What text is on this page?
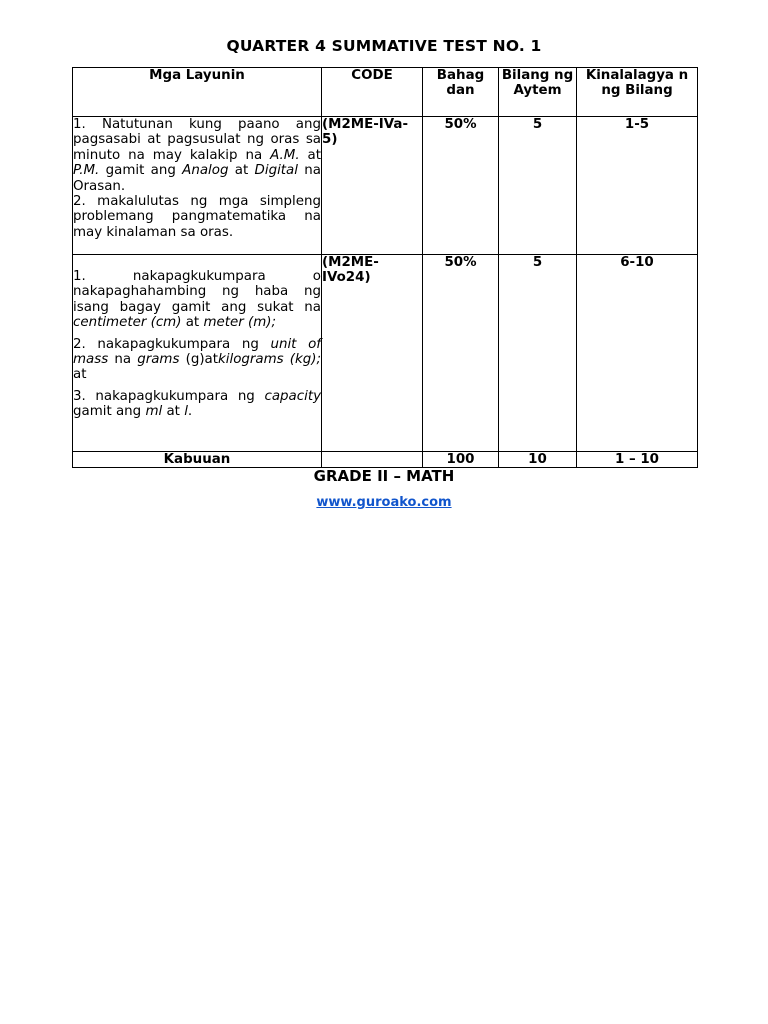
QUARTER 4 SUMMATIVE TEST NO. 1
Mga Layunin	CODE	Bahag dan	Bilang ng Aytem	Kinalalagya n ng Bilang

1. Natutunan kung paano ang pagsasabi at pagsusulat ng oras sa minuto na may kalakip na A.M. at P.M. gamit ang Analog at Digital na Orasan.

2. makalulutas ng mga simpleng problemang pangmatematika na may kinalaman sa oras.	(M2ME-IVa-5)	50%	5	1-5

1. nakapagkukumpara o nakapaghahambing ng haba ng isang bagay gamit ang sukat na centimeter (cm) at meter (m);

2. nakapagkukumpara ng unit of mass na grams (g)atkilograms (kg); at

3. nakapagkukumpara ng capacity gamit ang ml at l.	(M2ME-IVo24)	50%	5	6-10
Kabuuan		100	10	1 – 10
GRADE II – MATH
www.guroako.com
